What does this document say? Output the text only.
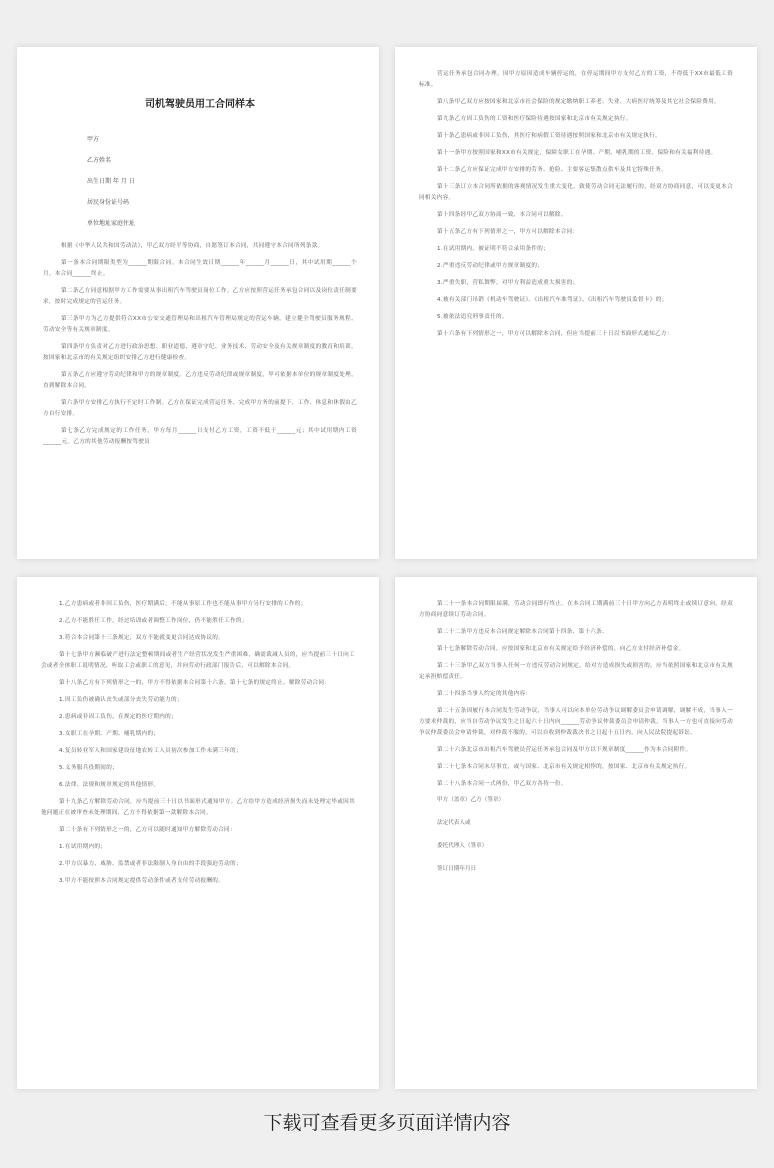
司机驾驶员用工合同样本
甲方
乙方姓名
出生日期 年 月 日
居民身份证号码
单位地址家庭住址

根据《中华人民共和国劳动法》，甲乙双方经平等协商，自愿签订本合同，共同遵守本合同所列条款。

第一条本合同期限类型为______期限合同。本合同生效日期______年______月______日，其中试用期______个月。本合同______终止。

第二条乙方同意根据甲方工作需要从事出租汽车驾驶员岗位工作。乙方应按照营运任务承包合同以及岗位责任制要求，按时完成规定的营运任务。

第三条甲方为乙方提供符合XX市公安交通管理局和出租汽车管理局规定的营运车辆，建立健全驾驶员服务规程、劳动安全等有关规章制度。

第四条甲方负责对乙方进行政治思想、职业道德、遵章守纪、业务技术、劳动安全及有关规章制度的教育和培训。按国家和北京市的有关规定组织安排乙方进行健康检查。

第五条乙方应遵守劳动纪律和甲方的规章制度。乙方违反劳动纪律或规章制度，甲可依据本单位的规章制度处理，直到解除本合同。

第六条甲方安排乙方执行不定时工作制。乙方在保证完成营运任务、完成甲方务的前提下，工作、休息和休假由乙方自行安排。

第七条乙方完成规定的工作任务，甲方每月______日支付乙方工资，工资不低于______元；其中试用期内工资______元。乙方的其他劳动报酬按驾驶员

营运任务承包合同办理。因甲方原因造成车辆停运的，在停运期间甲方支付乙方的工资，不得低于XX市最低工资标准。

第八条甲乙双方应按国家和北京市社会保险的规定缴纳职工养老、失业、大病医疗统筹及其它社会保险费用。

第九条乙方因工负伤的工资和医疗保险待遇按国家和北京市有关规定执行。

第十条乙患病或非因工负伤，其医疗和病假工资待遇按照国家和北京市有关规定执行。

第十一条甲方按照国家和XX市有关规定，保障女职工在孕期、产期、哺乳期的工资、保险和有关福利待遇。

第十二条乙方应保证完成甲方安排的劳务、抢险、主要客运集散点供车及其它特殊任务。

第十三条订立本合同所依据的客观情况发生重大变化，致使劳动合同无法履行的，经双方协商同意，可以变更本合同相关内容。

第十四条经甲乙双方协商一致，本合同可以解除。

第十五条乙方有下列情形之一，甲方可以解除本合同：

1.在试用期内，被证明不符合录用条件的；

2.严重违反劳动纪律或甲方规章制度的；

3.严重失职，营私舞弊，对甲方利益造成重大损害的；

4.被有关部门吊销《机动车驾驶证》、《出租汽车准驾证》、《出租汽车驾驶员监督卡》的；

5.被依法追究刑事责任的。

第十六条有下列情形之一，甲方可以解除本合同，但应当提前三十日以书面形式通知乙方：

1.乙方患病或者非因工负伤，医疗期满后，不能从事原工作也不能从事甲方另行安排的工作的；

2.乙方不能胜任工作，经过培训或者调整工作岗位，仍不能胜任工作的；

3.符合本合同第十三条规定，双方不能就变更合同达成协议的。

第十七条甲方濒临破产进行法定整顿期间或者生产经营状况发生严重困难，确需裁减人员的，应当提前三十日向工会或者全体职工说明情况，听取工会或职工的意见，并向劳动行政部门报告后，可以解除本合同。

第十八条乙方有下列情形之一的，甲方不得依据本合同第十六条、第十七条的规定终止、解除劳动合同：

1.因工负伤被确认丧失或部分丧失劳动能力的；

2.患病或非因工负伤，在规定的医疗期内的；

3.女职工在孕期、产期、哺乳期内的；

4.复员转业军人和国家建设征地农转工人员初次参加工作未满三年的；

5.义务服兵役期间的；

6.法律、法规和规章规定的其他情形。

第十九条乙方解除劳动合同，应当提前三十日以书面形式通知甲方。乙方给甲方造成经济损失而未处理完毕或因其他问题正在被审查未处理期间，乙方不得依据第一款解除本合同。

第二十条有下列情形之一的，乙方可以随时通知甲方解除劳动合同：

1.在试用期内的；

2.甲方以暴力、威胁、监禁或者非法限制人身自由的手段强迫劳动的；

3.甲方不能按照本合同规定提供劳动条件或者支付劳动报酬的。

第二十一条本合同期限届满，劳动合同即行终止。在本合同工期满前三十日甲方向乙方表明终止或续订意向，经双方协商同意续订劳动合同。

第二十二条甲方违反本合同规定解除本合同第十四条、第十六条、

第十七条解除劳动合同，应按国家和北京市有关规定给予经济补偿的，向乙方支付经济补偿金。

第二十三条甲乙双方当事人任何一方违反劳动合同规定，给对方造成损失或损害的，应当依照国家和北京市有关规定承担赔偿责任。

第二十四条当事人约定的其他内容：

第二十五条因履行本合同发生劳动争议，当事人可以向本单位劳动争议调解委员会申请调解，调解不成，当事人一方要求仲裁的，应当自劳动争议发生之日起六十日内向______劳动争议仲裁委员会申请仲裁。当事人一方也可直接向劳动争议仲裁委员会申请仲裁。对仲裁不服的，可以自收到仲裁裁决书之日起十五日内，向人民法院提起诉讼。

第二十六条北京市出租汽车驾驶员营运任务承包合同及甲方以下规章制度______作为本合同附件。

第二十七条本合同未尽事宜，或与国家、北京市有关规定相悖的，按国家、北京市有关规定执行。

第二十八条本合同一式两份，甲乙双方各持一份。

甲方（盖章）乙方（签章）
法定代表人或
委托代理人（签章）
签订日期年月日
下载可查看更多页面详情内容
